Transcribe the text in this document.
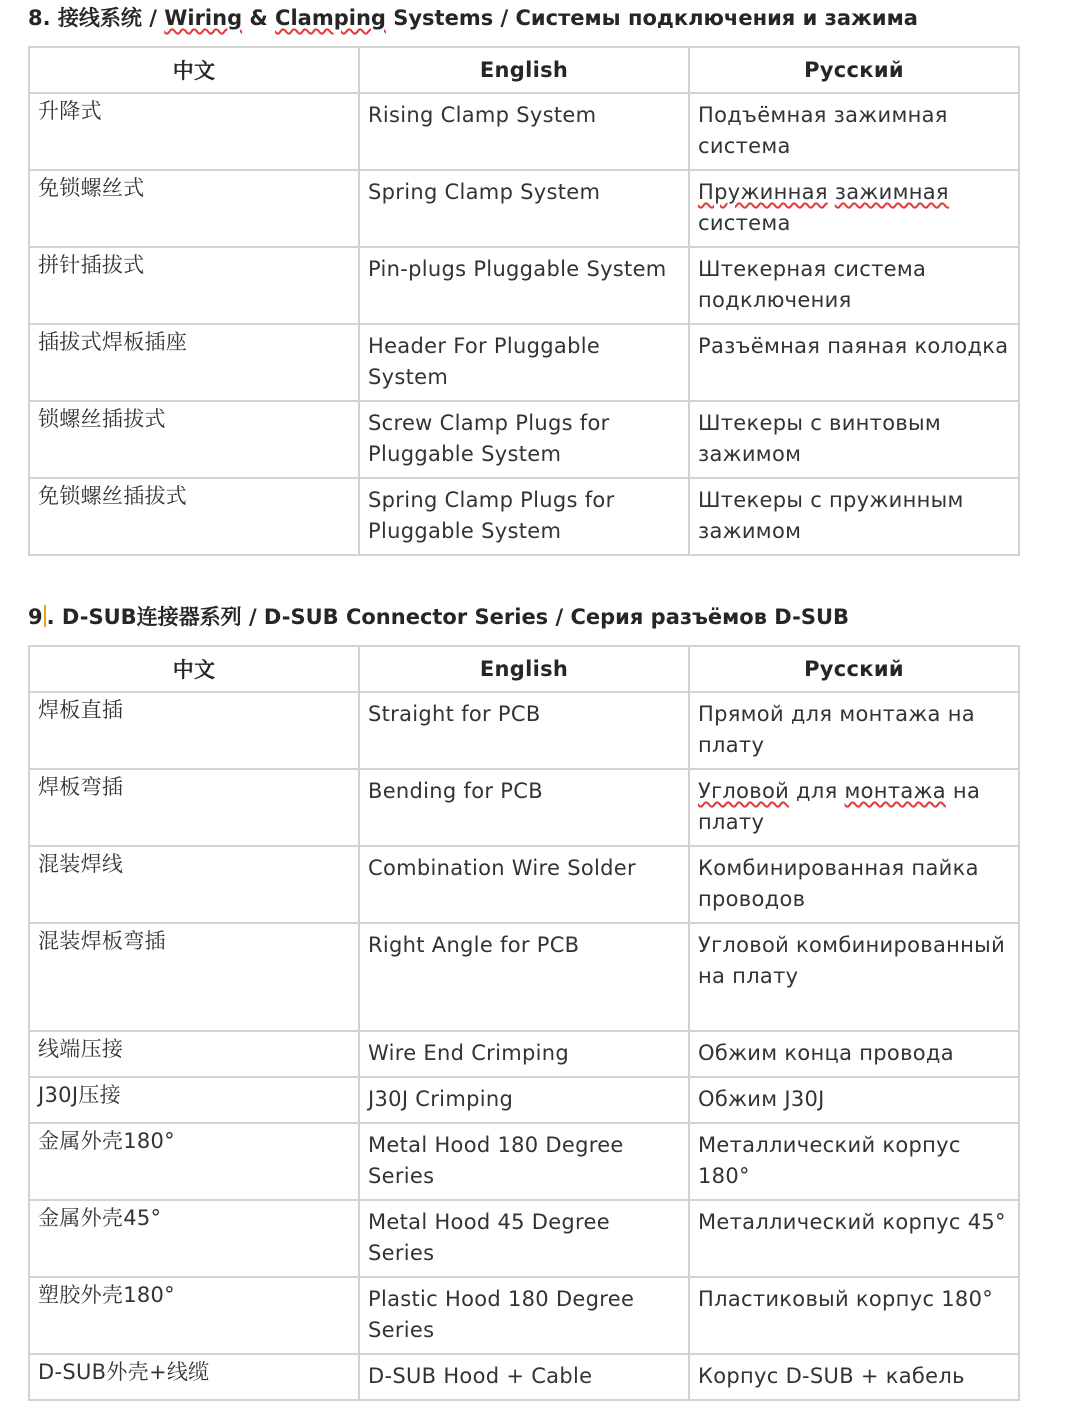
8. 接线系统 / Wiring & Clamping Systems / Системы подключения и зажима
中文	English	Русский
升降式	Rising Clamp System	Подъёмная зажимная система
免锁螺丝式	Spring Clamp System	Пружинная зажимная система
拼针插拔式	Pin-plugs Pluggable System	Штекерная система подключения
插拔式焊板插座	Header For Pluggable System	Разъёмная паяная колодка
锁螺丝插拔式	Screw Clamp Plugs for Pluggable System	Штекеры с винтовым зажимом
免锁螺丝插拔式	Spring Clamp Plugs for Pluggable System	Штекеры с пружинным зажимом
9 . D-SUB连接器系列 / D-SUB Connector Series / Серия разъёмов D-SUB
中文	English	Русский
焊板直插	Straight for PCB	Прямой для монтажа на плату
焊板弯插	Bending for PCB	Угловой для монтажа на плату
混装焊线	Combination Wire Solder	Комбинированная пайка проводов
混装焊板弯插	Right Angle for PCB	Угловой комбинированный на плату
线端压接	Wire End Crimping	Обжим конца провода
J30J压接	J30J Crimping	Обжим J30J
金属外壳180°	Metal Hood 180 Degree Series	Металлический корпус 180°
金属外壳45°	Metal Hood 45 Degree Series	Металлический корпус 45°
塑胶外壳180°	Plastic Hood 180 Degree Series	Пластиковый корпус 180°
D-SUB外壳+线缆	D-SUB Hood + Cable	Корпус D-SUB + кабель
